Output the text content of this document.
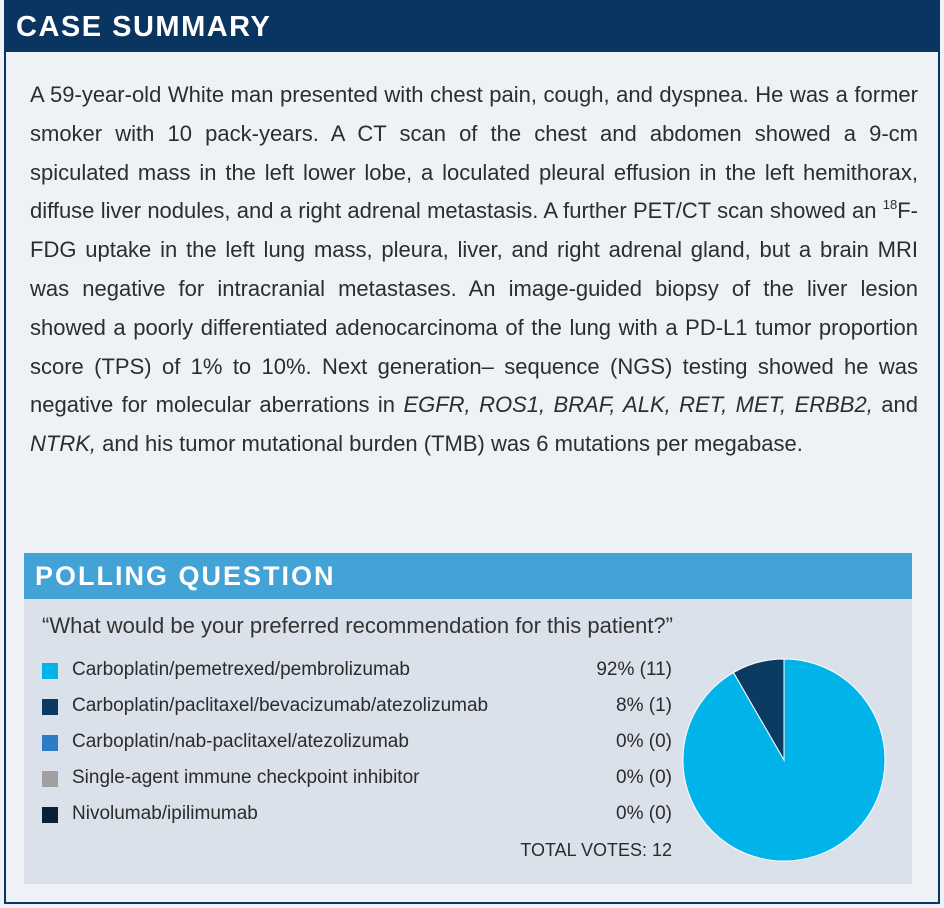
CASE SUMMARY
A 59-year-old White man presented with chest pain, cough, and dyspnea. He was a former smoker with 10 pack-years. A CT scan of the chest and abdomen showed a 9-cm spiculated mass in the left lower lobe, a loculated pleural effusion in the left hemithorax, diffuse liver nodules, and a right adrenal metastasis. A further PET/CT scan showed an $^{18}$F-FDG uptake in the left lung mass, pleura, liver, and right adrenal gland, but a brain MRI was negative for intracranial metastases. An image-guided biopsy of the liver lesion showed a poorly differentiated adenocarcinoma of the lung with a PD-L1 tumor proportion score (TPS) of 1% to 10%. Next generation– sequence (NGS) testing showed he was negative for molecular aberrations in EGFR, ROS1, BRAF, ALK, RET, MET, ERBB2, and NTRK, and his tumor mutational burden (TMB) was 6 mutations per megabase.
POLLING QUESTION
“What would be your preferred recommendation for this patient?”
Carboplatin/pemetrexed/pembrolizumab	92% (11)
Carboplatin/paclitaxel/bevacizumab/atezolizumab	8% (1)
Carboplatin/nab-paclitaxel/atezolizumab	0% (0)
Single-agent immune checkpoint inhibitor	0% (0)
Nivolumab/ipilimumab	0% (0)
TOTAL VOTES: 12
